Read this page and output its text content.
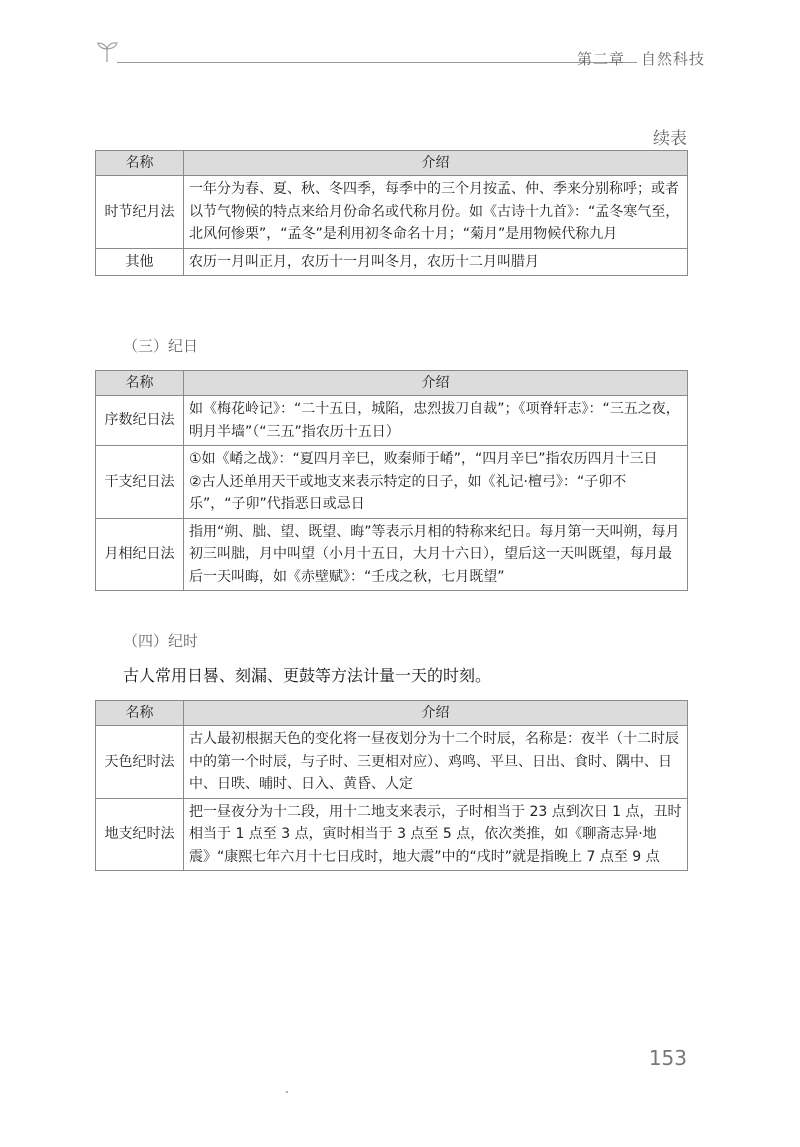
第二章　自然科技
续表
名称	介绍
时节纪月法	一年分为春、夏、秋、冬四季，每季中的三个月按孟、仲、季来分别称呼；或者以节气物候的特点来给月份命名或代称月份。如《古诗十九首》：“孟冬寒气至，北风何惨栗”，“孟冬”是利用初冬命名十月；“菊月”是用物候代称九月
其他	农历一月叫正月，农历十一月叫冬月，农历十二月叫腊月
（三）纪日
名称	介绍
序数纪日法	如《梅花岭记》：“二十五日，城陷，忠烈拔刀自裁”；《项脊轩志》：“三五之夜，明月半墙”（“三五”指农历十五日）
干支纪日法	①如《崤之战》：“夏四月辛巳，败秦师于崤”，“四月辛巳”指农历四月十三日
②古人还单用天干或地支来表示特定的日子，如《礼记·檀弓》：“子卯不乐”，“子卯”代指恶日或忌日

月相纪日法	指用“朔、朏、望、既望、晦”等表示月相的特称来纪日。每月第一天叫朔，每月初三叫朏，月中叫望（小月十五日，大月十六日），望后这一天叫既望，每月最后一天叫晦，如《赤壁赋》：“壬戌之秋，七月既望”
（四）纪时
古人常用日晷、刻漏、更鼓等方法计量一天的时刻。
名称	介绍
天色纪时法	古人最初根据天色的变化将一昼夜划分为十二个时辰，名称是：夜半（十二时辰中的第一个时辰，与子时、三更相对应）、鸡鸣、平旦、日出、食时、隅中、日中、日昳、晡时、日入、黄昏、人定
地支纪时法	把一昼夜分为十二段，用十二地支来表示，子时相当于 23 点到次日 1 点，丑时相当于 1 点至 3 点，寅时相当于 3 点至 5 点，依次类推，如《聊斋志异·地震》“康熙七年六月十七日戌时，地大震”中的“戌时”就是指晚上 7 点至 9 点
153
